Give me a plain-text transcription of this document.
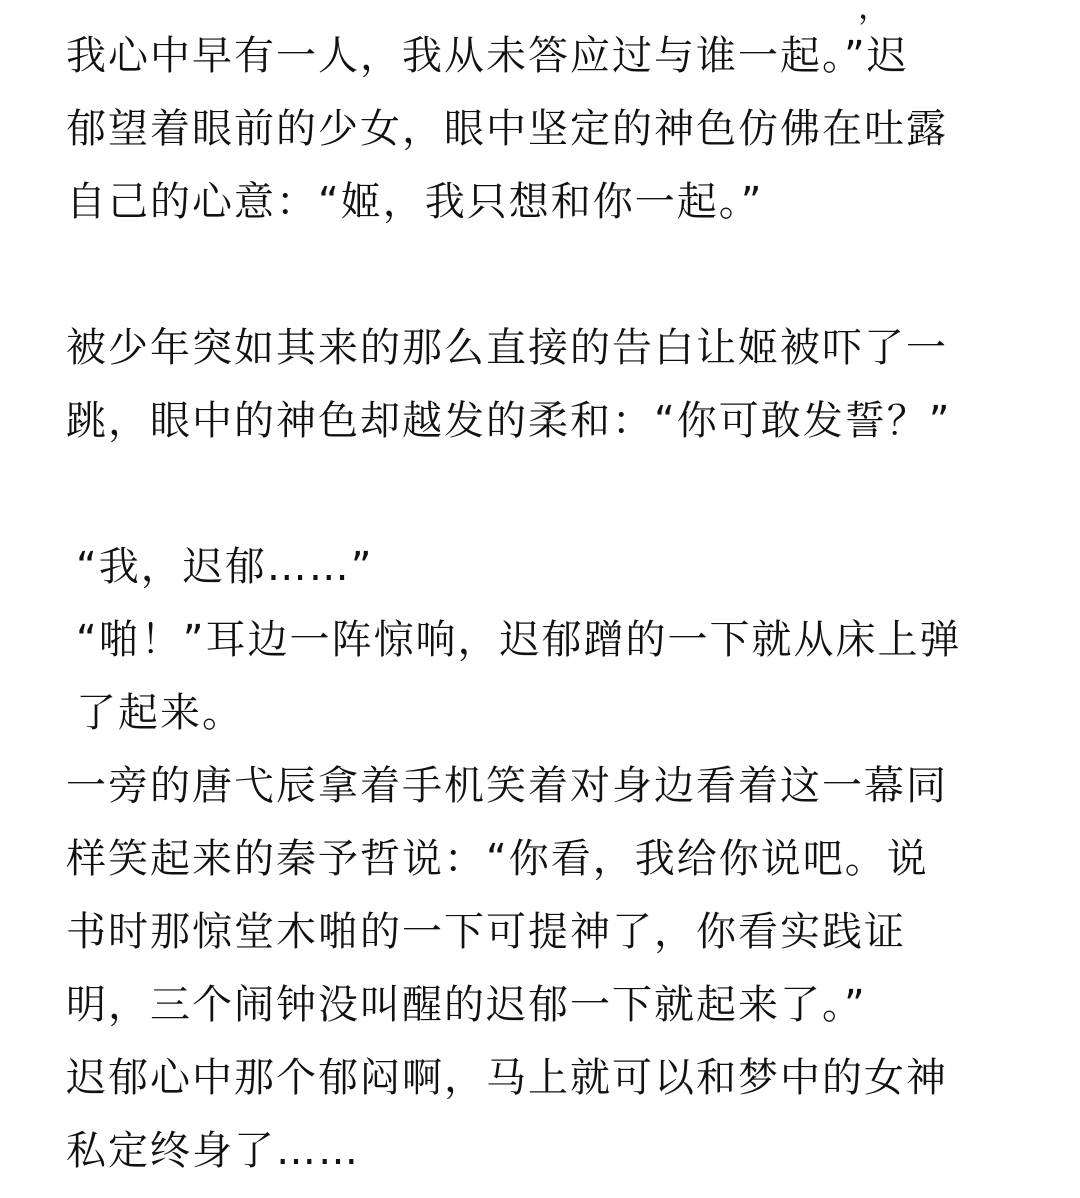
，
我心中早有一人，我从未答应过与谁一起。”迟
郁望着眼前的少女，眼中坚定的神色仿佛在吐露
自己的心意：“姬，我只想和你一起。”
被少年突如其来的那么直接的告白让姬被吓了一
跳，眼中的神色却越发的柔和：“你可敢发誓？”
“我，迟郁……”
“啪！”耳边一阵惊响，迟郁蹭的一下就从床上弹
了起来。
一旁的唐弋辰拿着手机笑着对身边看着这一幕同
样笑起来的秦予哲说：“你看，我给你说吧。说
书时那惊堂木啪的一下可提神了，你看实践证
明，三个闹钟没叫醒的迟郁一下就起来了。”
迟郁心中那个郁闷啊，马上就可以和梦中的女神
私定终身了……
